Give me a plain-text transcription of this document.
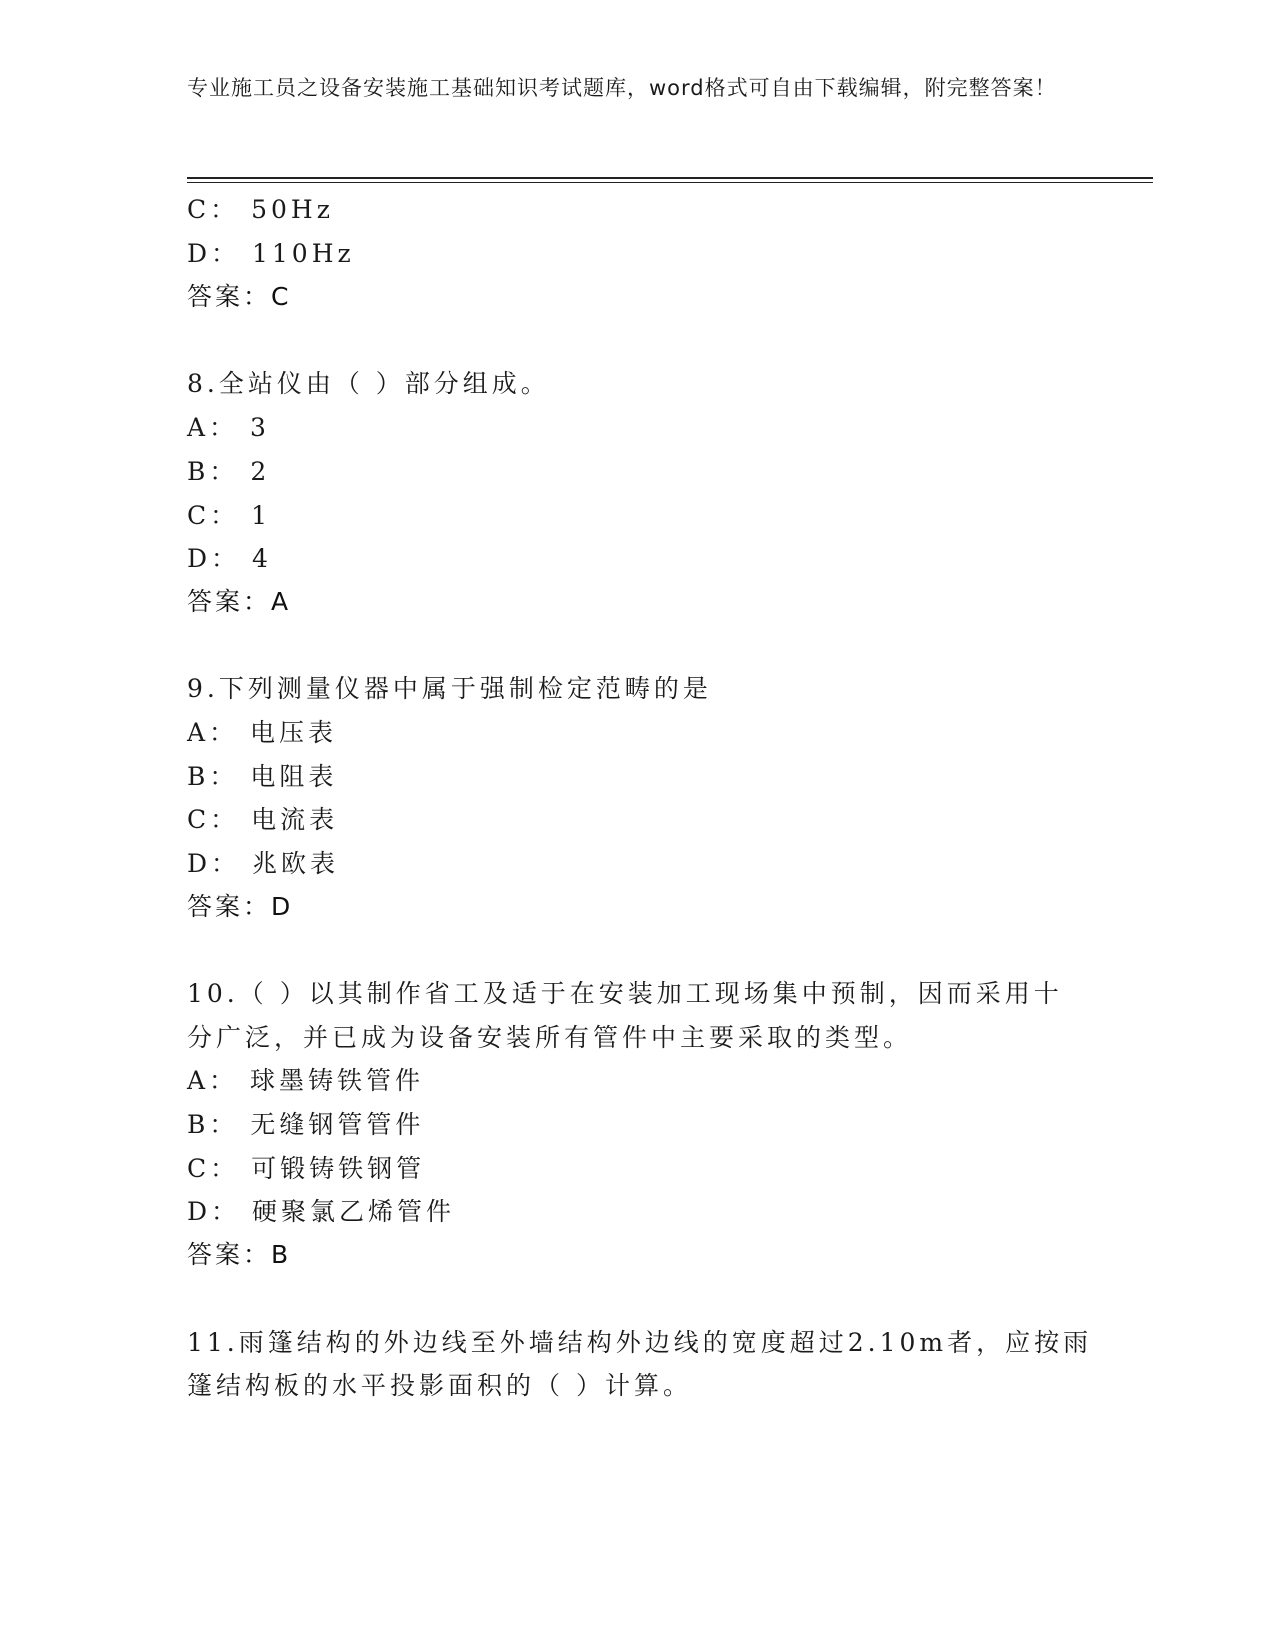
专业施工员之设备安装施工基础知识考试题库，word格式可自由下载编辑，附完整答案！
C： 50Hz
D： 110Hz
答案：C
8.全站仪由（ ）部分组成。
A： 3
B： 2
C： 1
D： 4
答案：A
9.下列测量仪器中属于强制检定范畴的是
A： 电压表
B： 电阻表
C： 电流表
D： 兆欧表
答案：D
10.（ ）以其制作省工及适于在安装加工现场集中预制，因而采用十
分广泛，并已成为设备安装所有管件中主要采取的类型。
A： 球墨铸铁管件
B： 无缝钢管管件
C： 可锻铸铁钢管
D： 硬聚氯乙烯管件
答案：B
11.雨篷结构的外边线至外墙结构外边线的宽度超过2.10m者，应按雨
篷结构板的水平投影面积的（ ）计算。
